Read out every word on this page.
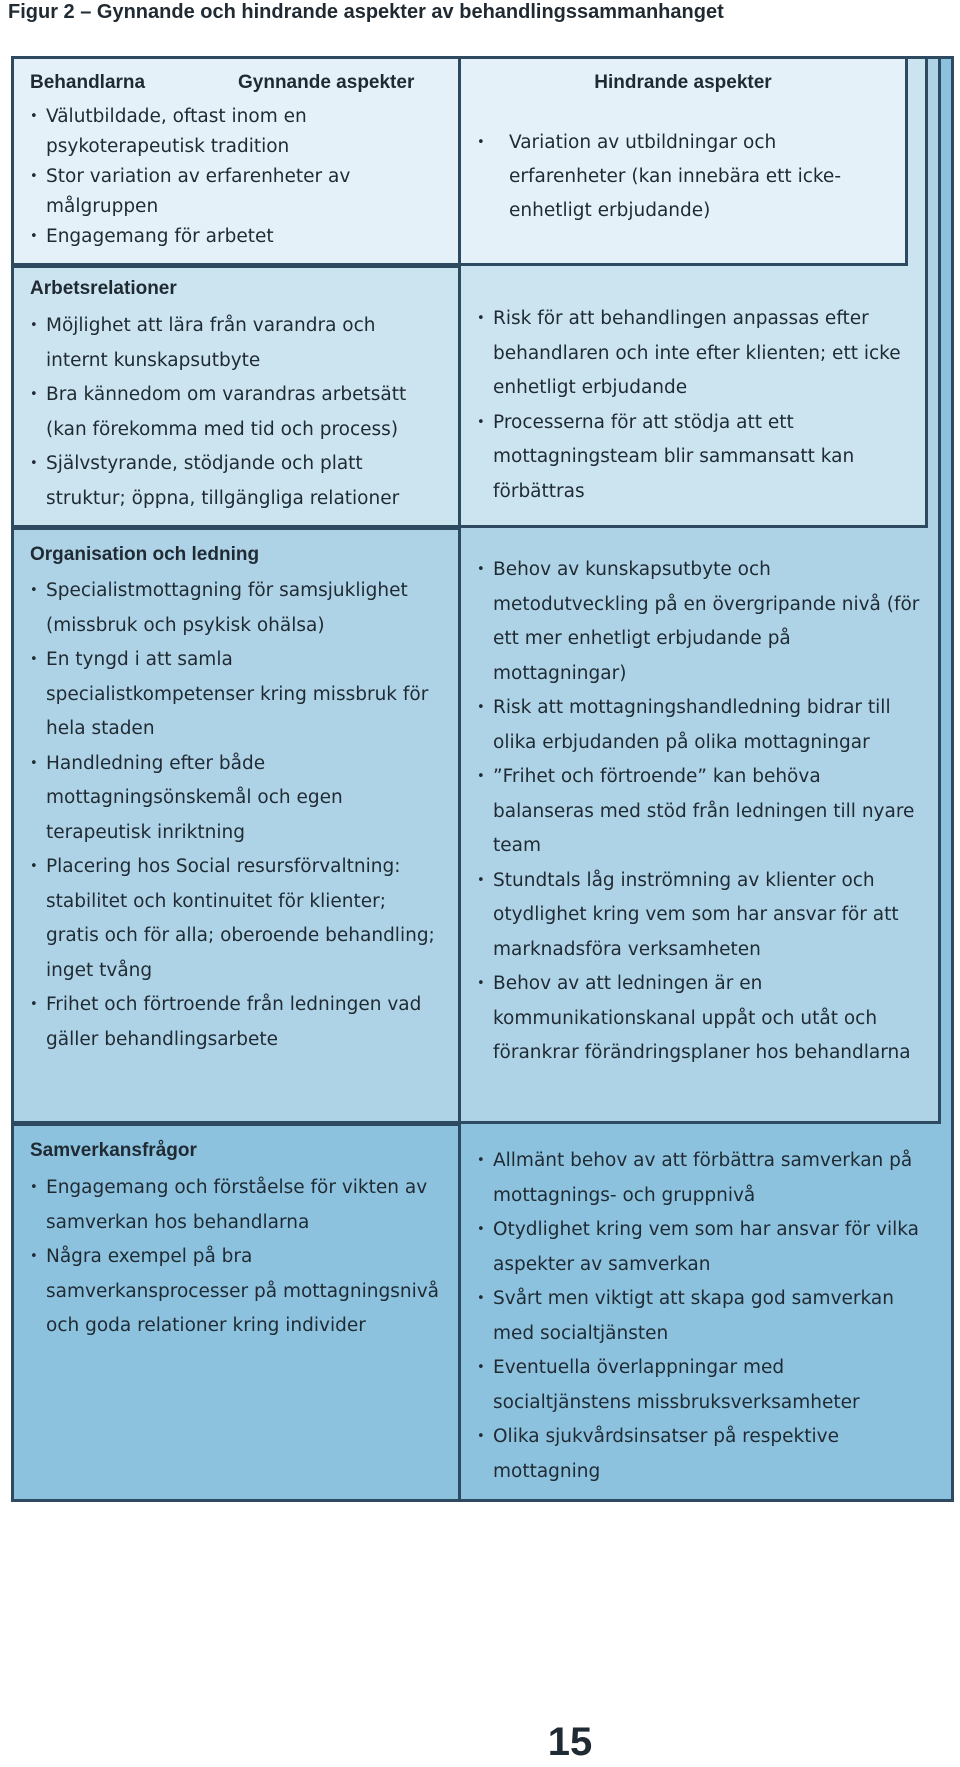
Figur 2 – Gynnande och hindrande aspekter av behandlingssammanhanget
Gynnande aspekter	Hindrande aspekter
Behandlarna
• Välutbildade, oftast inom en psykoterapeutisk tradition
• Stor variation av erfarenheter av målgruppen
• Engagemang för arbetet
• Variation av utbildningar och erfarenheter (kan innebära ett icke-enhetligt erbjudande)
Arbetsrelationer
• Möjlighet att lära från varandra och internt kunskapsutbyte
• Bra kännedom om varandras arbetsätt (kan förekomma med tid och process)
• Självstyrande, stödjande och platt struktur; öppna, tillgängliga relationer
• Risk för att behandlingen anpassas efter behandlaren och inte efter klienten; ett icke enhetligt erbjudande
• Processerna för att stödja att ett mottagningsteam blir sammansatt kan förbättras
Organisation och ledning
• Specialistmottagning för samsjuklighet (missbruk och psykisk ohälsa)
• En tyngd i att samla specialistkompetenser kring missbruk för hela staden
• Handledning efter både mottagningsönskemål och egen terapeutisk inriktning
• Placering hos Social resursförvaltning: stabilitet och kontinuitet för klienter; gratis och för alla; oberoende behandling; inget tvång
• Frihet och förtroende från ledningen vad gäller behandlingsarbete
• Behov av kunskapsutbyte och metodutveckling på en övergripande nivå (för ett mer enhetligt erbjudande på mottagningar)
• Risk att mottagningshandledning bidrar till olika erbjudanden på olika mottagningar
• ”Frihet och förtroende” kan behöva balanseras med stöd från ledningen till nyare team
• Stundtals låg inströmning av klienter och otydlighet kring vem som har ansvar för att marknadsföra verksamheten
• Behov av att ledningen är en kommunikationskanal uppåt och utåt och förankrar förändringsplaner hos behandlarna
Samverkansfrågor
• Engagemang och förståelse för vikten av samverkan hos behandlarna
• Några exempel på bra samverkansprocesser på mottagningsnivå och goda relationer kring individer
• Allmänt behov av att förbättra samverkan på mottagnings- och gruppnivå
• Otydlighet kring vem som har ansvar för vilka aspekter av samverkan
• Svårt men viktigt att skapa god samverkan med socialtjänsten
• Eventuella överlappningar med socialtjänstens missbruksverksamheter
• Olika sjukvårdsinsatser på respektive mottagning
15
